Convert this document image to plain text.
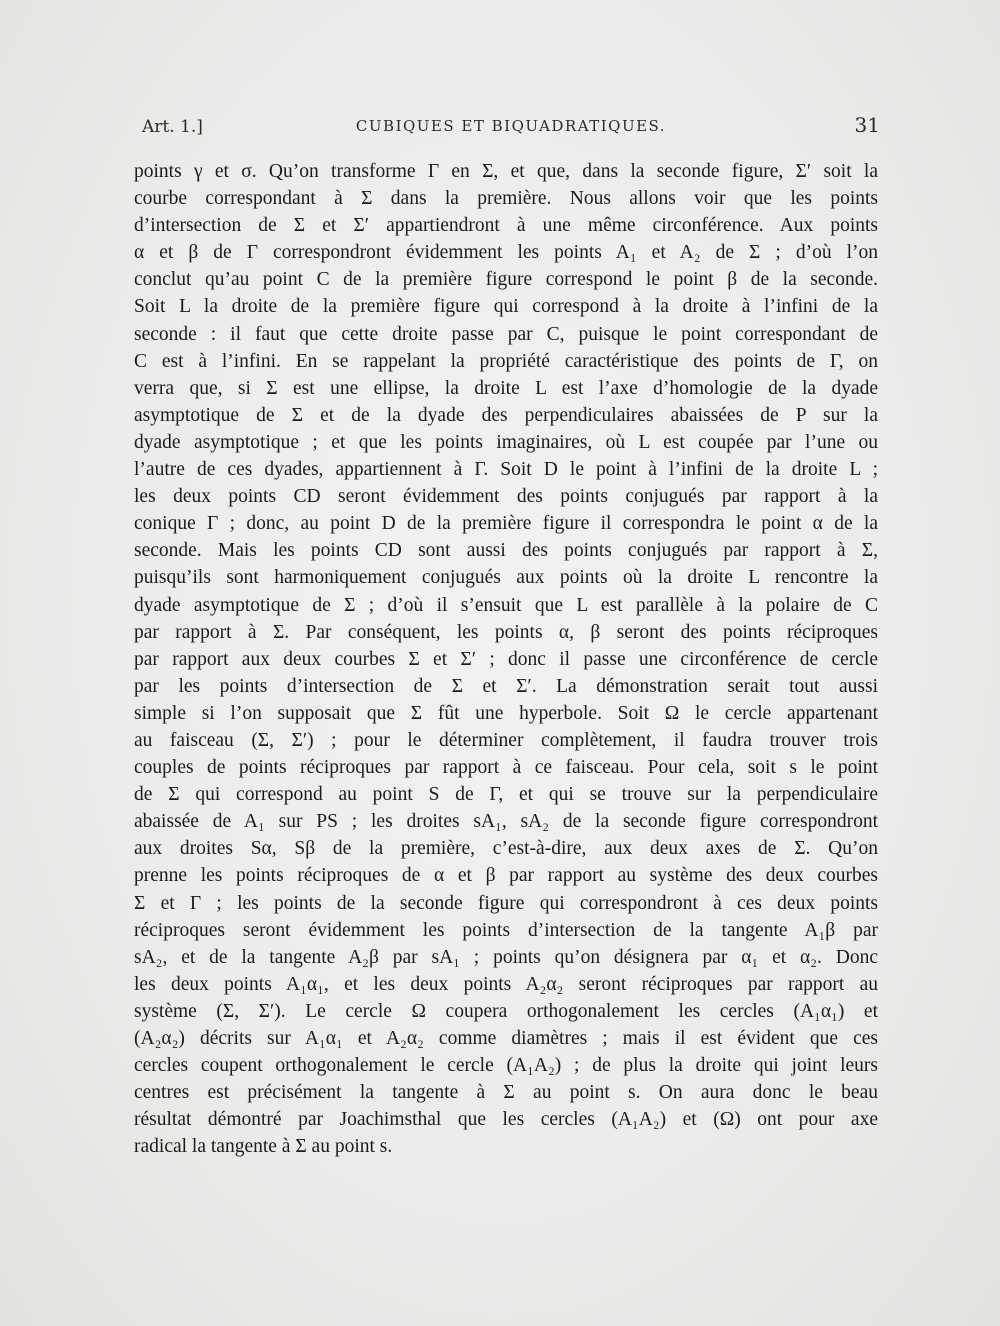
Art. 1.]	CUBIQUES ET BIQUADRATIQUES.	31
points γ et σ. Qu’on transforme Γ en Σ, et que, dans la seconde figure, Σ′ soit la
courbe correspondant à Σ dans la première. Nous allons voir que les points
d’intersection de Σ et Σ′ appartiendront à une même circonférence. Aux points
α et β de Γ correspondront évidemment les points A₁ et A₂ de Σ ; d’où l’on
conclut qu’au point C de la première figure correspond le point β de la seconde.
Soit L la droite de la première figure qui correspond à la droite à l’infini de la
seconde : il faut que cette droite passe par C, puisque le point correspondant de
C est à l’infini. En se rappelant la propriété caractéristique des points de Γ, on
verra que, si Σ est une ellipse, la droite L est l’axe d’homologie de la dyade
asymptotique de Σ et de la dyade des perpendiculaires abaissées de P sur la
dyade asymptotique ; et que les points imaginaires, où L est coupée par l’une ou
l’autre de ces dyades, appartiennent à Γ. Soit D le point à l’infini de la droite L ;
les deux points CD seront évidemment des points conjugués par rapport à la
conique Γ ; donc, au point D de la première figure il correspondra le point α de la
seconde. Mais les points CD sont aussi des points conjugués par rapport à Σ,
puisqu’ils sont harmoniquement conjugués aux points où la droite L rencontre la
dyade asymptotique de Σ ; d’où il s’ensuit que L est parallèle à la polaire de C
par rapport à Σ. Par conséquent, les points α, β seront des points réciproques
par rapport aux deux courbes Σ et Σ′ ; donc il passe une circonférence de cercle
par les points d’intersection de Σ et Σ′. La démonstration serait tout aussi
simple si l’on supposait que Σ fût une hyperbole. Soit Ω le cercle appartenant
au faisceau (Σ, Σ′) ; pour le déterminer complètement, il faudra trouver trois
couples de points réciproques par rapport à ce faisceau. Pour cela, soit s le point
de Σ qui correspond au point S de Γ, et qui se trouve sur la perpendiculaire
abaissée de A₁ sur PS ; les droites sA₁, sA₂ de la seconde figure correspondront
aux droites Sα, Sβ de la première, c’est-à-dire, aux deux axes de Σ. Qu’on
prenne les points réciproques de α et β par rapport au système des deux courbes
Σ et Γ ; les points de la seconde figure qui correspondront à ces deux points
réciproques seront évidemment les points d’intersection de la tangente A₁β par
sA₂, et de la tangente A₂β par sA₁ ; points qu’on désignera par α₁ et α₂. Donc
les deux points A₁α₁, et les deux points A₂α₂ seront réciproques par rapport au
système (Σ, Σ′). Le cercle Ω coupera orthogonalement les cercles (A₁α₁) et
(A₂α₂) décrits sur A₁α₁ et A₂α₂ comme diamètres ; mais il est évident que ces
cercles coupent orthogonalement le cercle (A₁A₂) ; de plus la droite qui joint leurs
centres est précisément la tangente à Σ au point s. On aura donc le beau
résultat démontré par Joachimsthal que les cercles (A₁A₂) et (Ω) ont pour axe
radical la tangente à Σ au point s.
